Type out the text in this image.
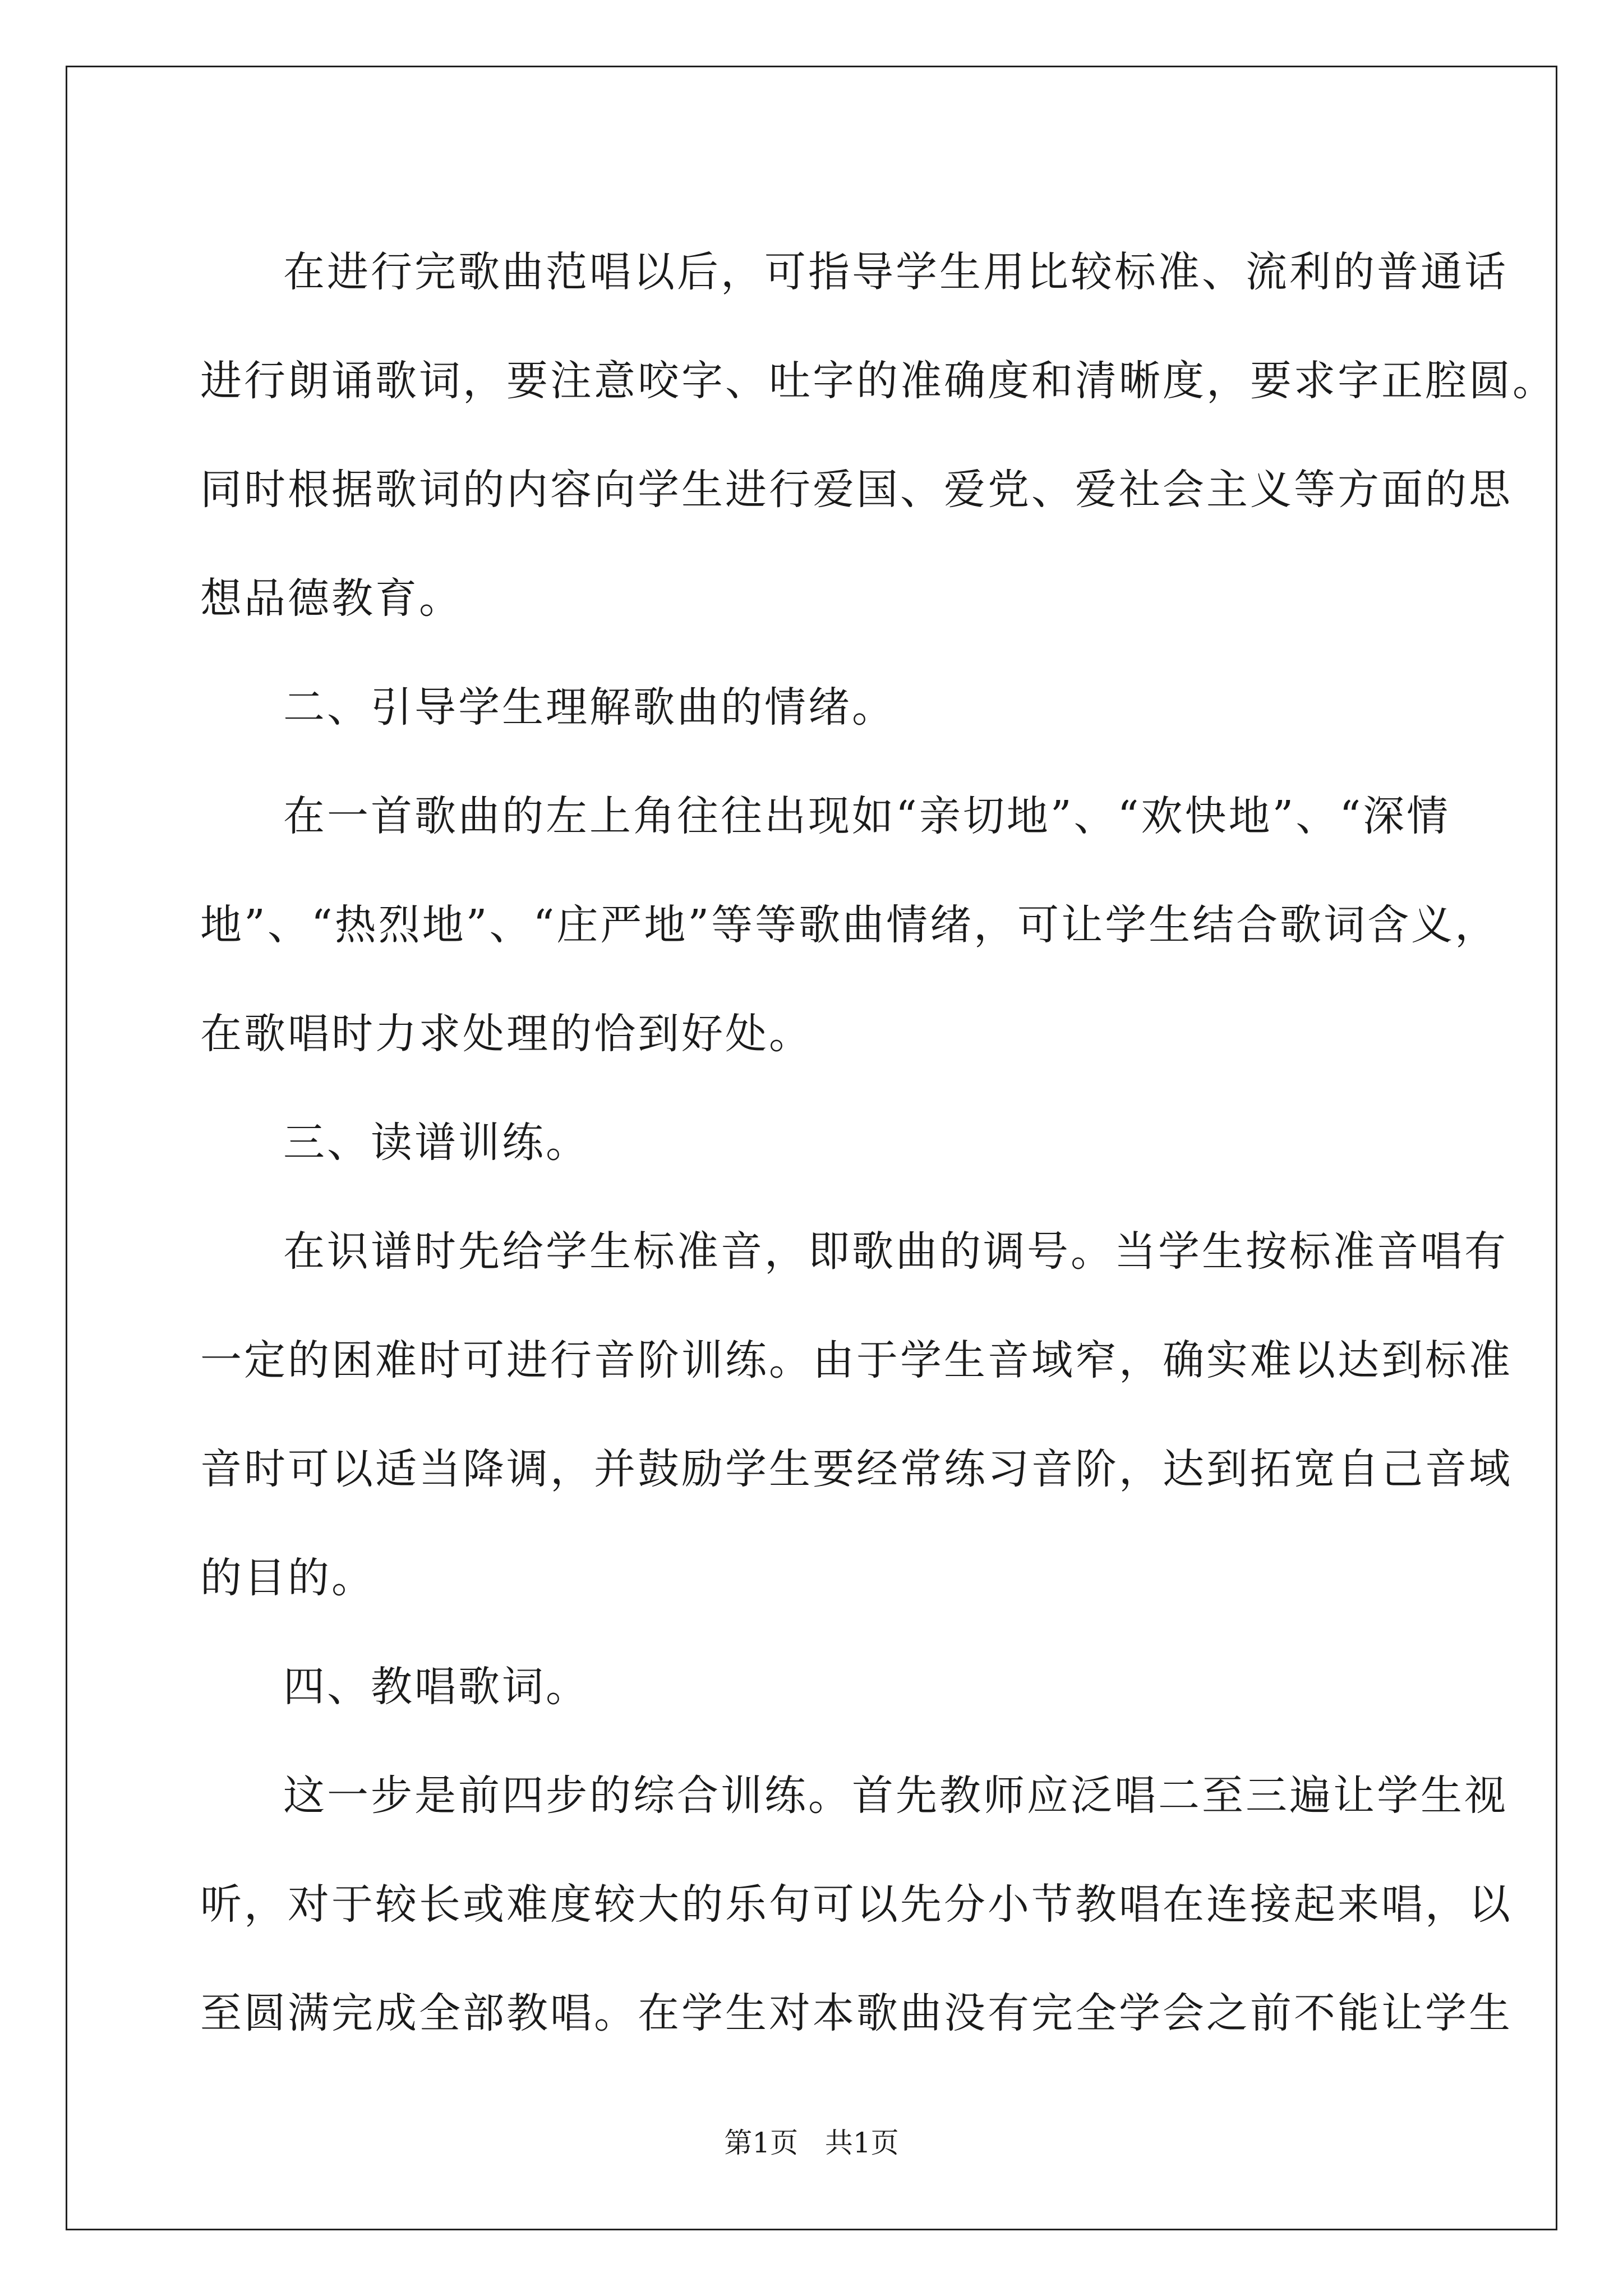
在进行完歌曲范唱以后，可指导学生用比较标准、流利的普通话
进行朗诵歌词，要注意咬字、吐字的准确度和清晰度，要求字正腔圆。
同时根据歌词的内容向学生进行爱国、爱党、爱社会主义等方面的思
想品德教育。
二、引导学生理解歌曲的情绪。
在一首歌曲的左上角往往出现如“亲切地”、“欢快地”、“深情
地”、“热烈地”、“庄严地”等等歌曲情绪，可让学生结合歌词含义，
在歌唱时力求处理的恰到好处。
三、读谱训练。
在识谱时先给学生标准音，即歌曲的调号。当学生按标准音唱有
一定的困难时可进行音阶训练。由于学生音域窄，确实难以达到标准
音时可以适当降调，并鼓励学生要经常练习音阶，达到拓宽自己音域
的目的。
四、教唱歌词。
这一步是前四步的综合训练。首先教师应泛唱二至三遍让学生视
听，对于较长或难度较大的乐句可以先分小节教唱在连接起来唱，以
至圆满完成全部教唱。在学生对本歌曲没有完全学会之前不能让学生
第1页   共1页
